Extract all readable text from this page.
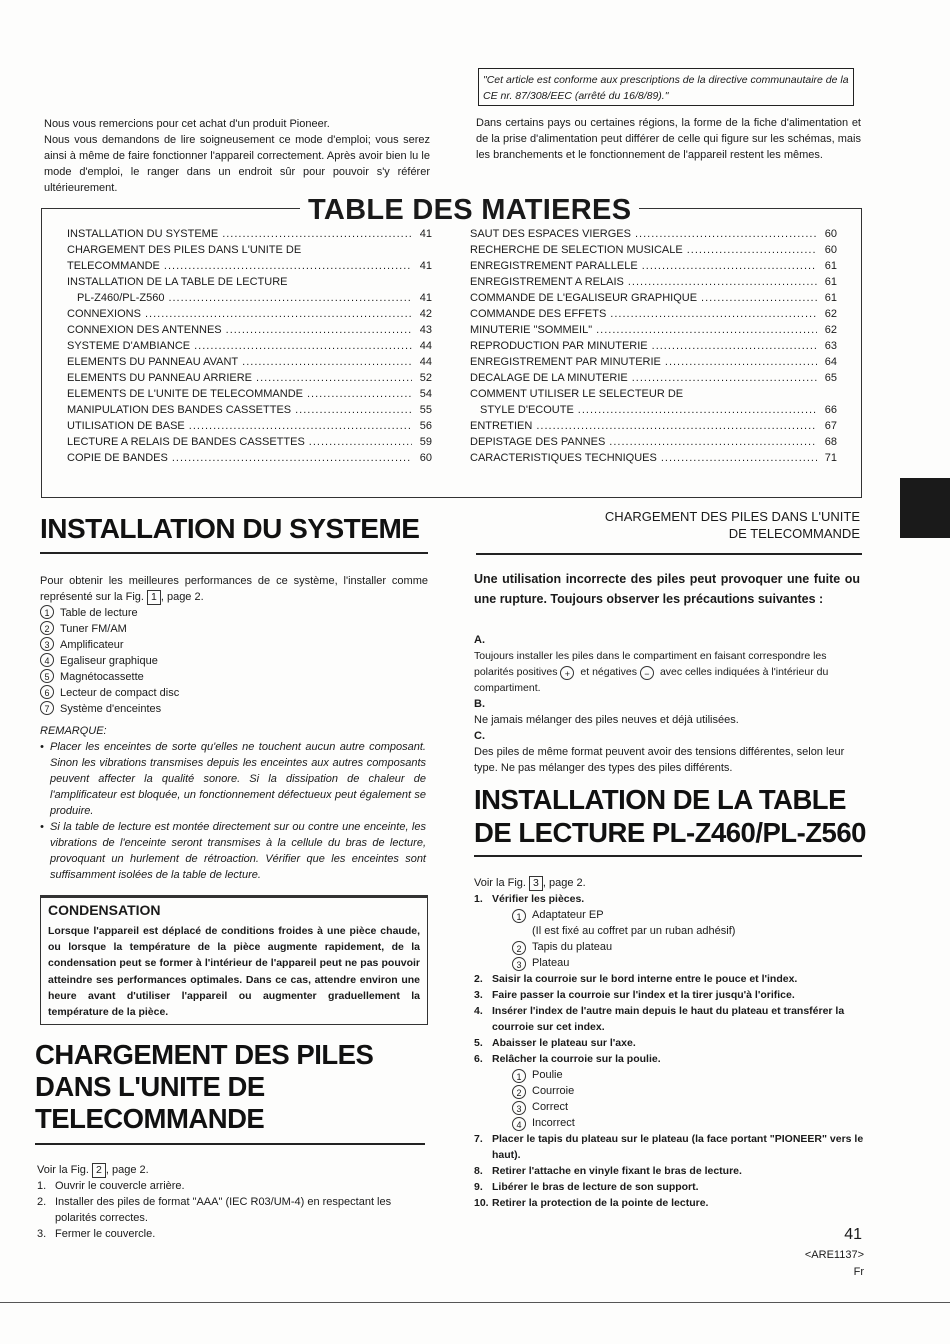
"Cet article est conforme aux prescriptions de la directive communautaire de la CE nr. 87/308/EEC (arrêté du 16/8/89)."
Nous vous remercions pour cet achat d'un produit Pioneer.
Nous vous demandons de lire soigneusement ce mode d'emploi; vous serez ainsi à même de faire fonctionner l'appareil correctement. Après avoir bien lu le mode d'emploi, le ranger dans un endroit sûr pour pouvoir s'y référer ultérieurement.
Dans certains pays ou certaines régions, la forme de la fiche d'alimentation et de la prise d'alimentation peut différer de celle qui figure sur les schémas, mais les branchements et le fonctionnement de l'appareil restent les mêmes.
TABLE DES MATIERES
INSTALLATION DU SYSTEME .....	41
CHARGEMENT DES PILES DANS L'UNITE DE
TELECOMMANDE .....	41
INSTALLATION DE LA TABLE DE LECTURE
PL-Z460/PL-Z560 .....	41
CONNEXIONS .....	42
CONNEXION DES ANTENNES .....	43
SYSTEME D'AMBIANCE .....	44
ELEMENTS DU PANNEAU AVANT .....	44
ELEMENTS DU PANNEAU ARRIERE .....	52
ELEMENTS DE L'UNITE DE TELECOMMANDE .....	54
MANIPULATION DES BANDES CASSETTES .....	55
UTILISATION DE BASE .....	56
LECTURE A RELAIS DE BANDES CASSETTES .....	59
COPIE DE BANDES .....	60
SAUT DES ESPACES VIERGES .....	60
RECHERCHE DE SELECTION MUSICALE .....	60
ENREGISTREMENT PARALLELE .....	61
ENREGISTREMENT A RELAIS .....	61
COMMANDE DE L'EGALISEUR GRAPHIQUE .....	61
COMMANDE DES EFFETS .....	62
MINUTERIE "SOMMEIL" .....	62
REPRODUCTION PAR MINUTERIE .....	63
ENREGISTREMENT PAR MINUTERIE .....	64
DECALAGE DE LA MINUTERIE .....	65
COMMENT UTILISER LE SELECTEUR DE
STYLE D'ECOUTE .....	66
ENTRETIEN .....	67
DEPISTAGE DES PANNES .....	68
CARACTERISTIQUES TECHNIQUES .....	71
INSTALLATION DU SYSTEME
Pour obtenir les meilleures performances de ce système, l'installer comme représenté sur la Fig. 1 , page 2.
1 Table de lecture
2 Tuner FM/AM
3 Amplificateur
4 Egaliseur graphique
5 Magnétocassette
6 Lecteur de compact disc
7 Système d'enceintes
REMARQUE:
• Placer les enceintes de sorte qu'elles ne touchent aucun autre composant. Sinon les vibrations transmises depuis les enceintes aux autres composants peuvent affecter la qualité sonore. Si la dissipation de chaleur de l'amplificateur est bloquée, un fonctionnement défectueux peut également se produire.
• Si la table de lecture est montée directement sur ou contre une enceinte, les vibrations de l'enceinte seront transmises à la cellule du bras de lecture, provoquant un hurlement de rétroaction. Vérifier que les enceintes sont suffisamment isolées de la table de lecture.
CONDENSATION
Lorsque l'appareil est déplacé de conditions froides à une pièce chaude, ou lorsque la température de la pièce augmente rapidement, de la condensation peut se former à l'intérieur de l'appareil peut ne pas pouvoir atteindre ses performances optimales. Dans ce cas, attendre environ une heure avant d'utiliser l'appareil ou augmenter graduellement la température de la pièce.
CHARGEMENT DES PILES
DANS L'UNITE DE
TELECOMMANDE
Voir la Fig. 2 , page 2.
1. Ouvrir le couvercle arrière.
2. Installer des piles de format "AAA" (IEC R03/UM-4) en respectant les polarités correctes.
3. Fermer le couvercle.
CHARGEMENT DES PILES DANS L'UNITE
DE TELECOMMANDE
Une utilisation incorrecte des piles peut provoquer une fuite ou une rupture. Toujours observer les précautions suivantes :
A.
Toujours installer les piles dans le compartiment en faisant correspondre les polarités positives + et négatives − avec celles indiquées à l'intérieur du compartiment.
B.
Ne jamais mélanger des piles neuves et déjà utilisées.
C.
Des piles de même format peuvent avoir des tensions différentes, selon leur type. Ne pas mélanger des types des piles différents.
INSTALLATION DE LA TABLE
DE LECTURE PL-Z460/PL-Z560
Voir la Fig. 3 , page 2.
1. Vérifier les pièces.
1 Adaptateur EP
(Il est fixé au coffret par un ruban adhésif)
2 Tapis du plateau
3 Plateau
2. Saisir la courroie sur le bord interne entre le pouce et l'index.
3. Faire passer la courroie sur l'index et la tirer jusqu'à l'orifice.
4. Insérer l'index de l'autre main depuis le haut du plateau et transférer la courroie sur cet index.
5. Abaisser le plateau sur l'axe.
6. Relâcher la courroie sur la poulie.
1 Poulie
2 Courroie
3 Correct
4 Incorrect
7. Placer le tapis du plateau sur le plateau (la face portant "PIONEER" vers le haut).
8. Retirer l'attache en vinyle fixant le bras de lecture.
9. Libérer le bras de lecture de son support.
10. Retirer la protection de la pointe de lecture.
41
<ARE1137>
Fr
